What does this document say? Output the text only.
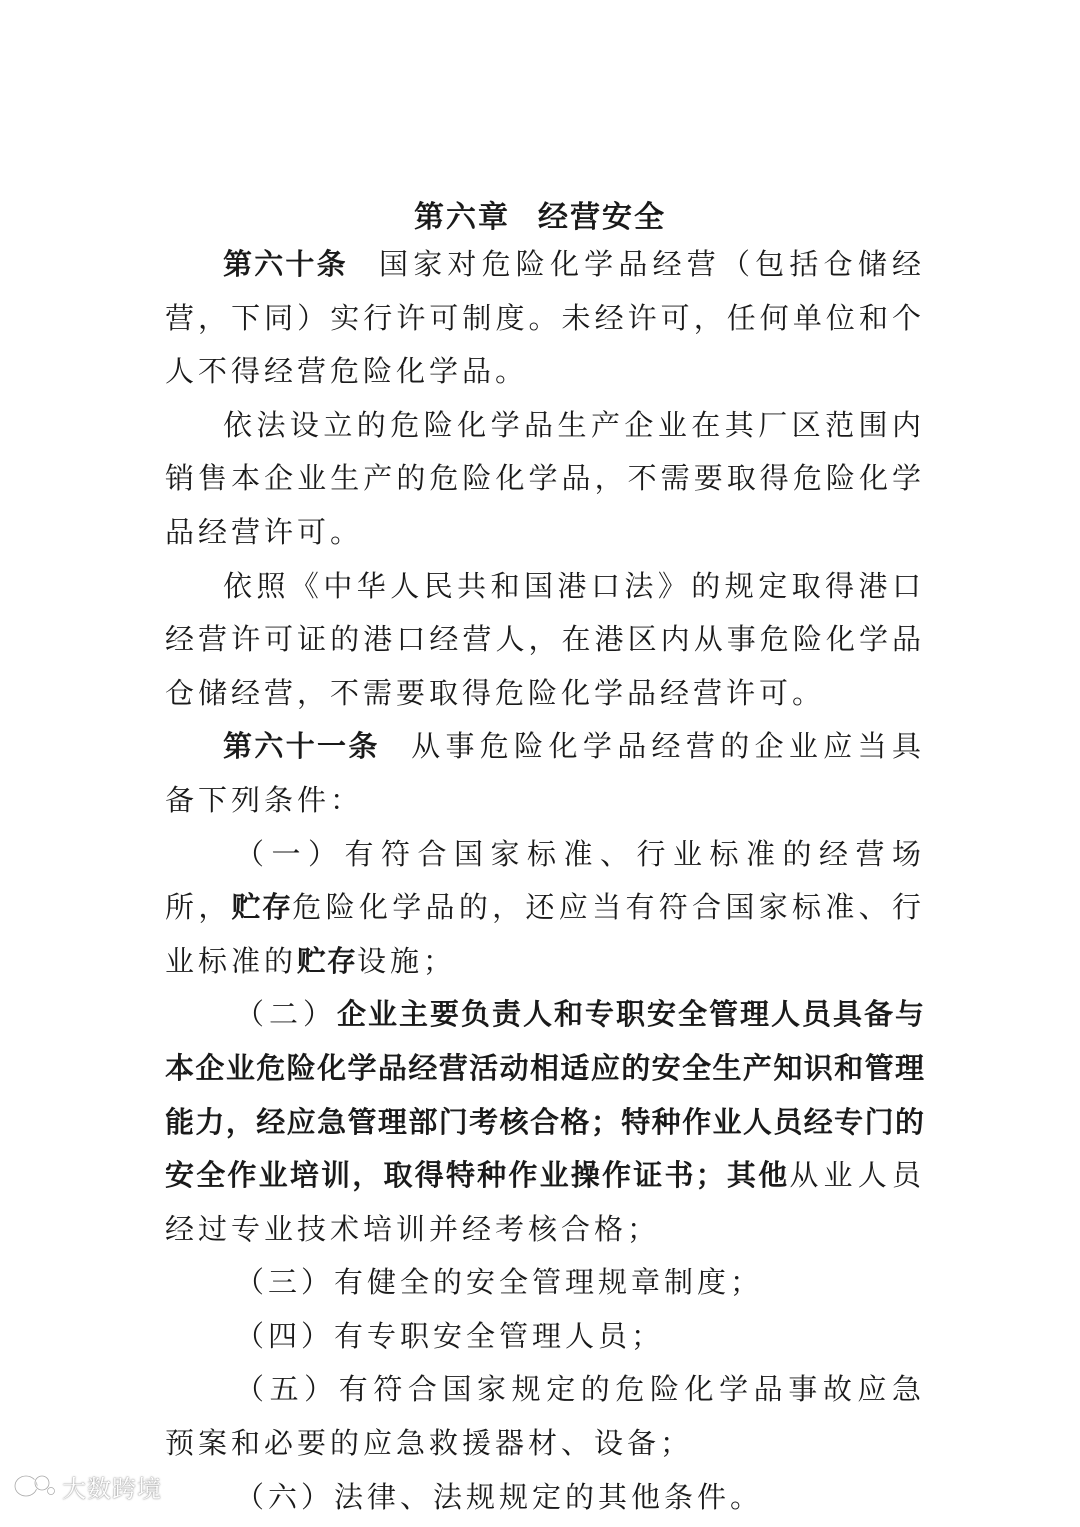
第六章 经营安全

第六十条 国家对危险化学品经营（包括仓储经营，下同）实行许可制度。未经许可，任何单位和个人不得经营危险化学品。

依法设立的危险化学品生产企业在其厂区范围内销售本企业生产的危险化学品，不需要取得危险化学品经营许可。

依照《中华人民共和国港口法》的规定取得港口经营许可证的港口经营人，在港区内从事危险化学品仓储经营，不需要取得危险化学品经营许可。

第六十一条 从事危险化学品经营的企业应当具备下列条件：

（一）有符合国家标准、行业标准的经营场所，贮存危险化学品的，还应当有符合国家标准、行业标准的贮存设施；

（二）企业主要负责人和专职安全管理人员具备与本企业危险化学品经营活动相适应的安全生产知识和管理能力，经应急管理部门考核合格；特种作业人员经专门的安全作业培训，取得特种作业操作证书；其他从业人员经过专业技术培训并经考核合格；

（三）有健全的安全管理规章制度；

（四）有专职安全管理人员；

（五）有符合国家规定的危险化学品事故应急预案和必要的应急救援器材、设备；

（六）法律、法规规定的其他条件。

大数跨境
